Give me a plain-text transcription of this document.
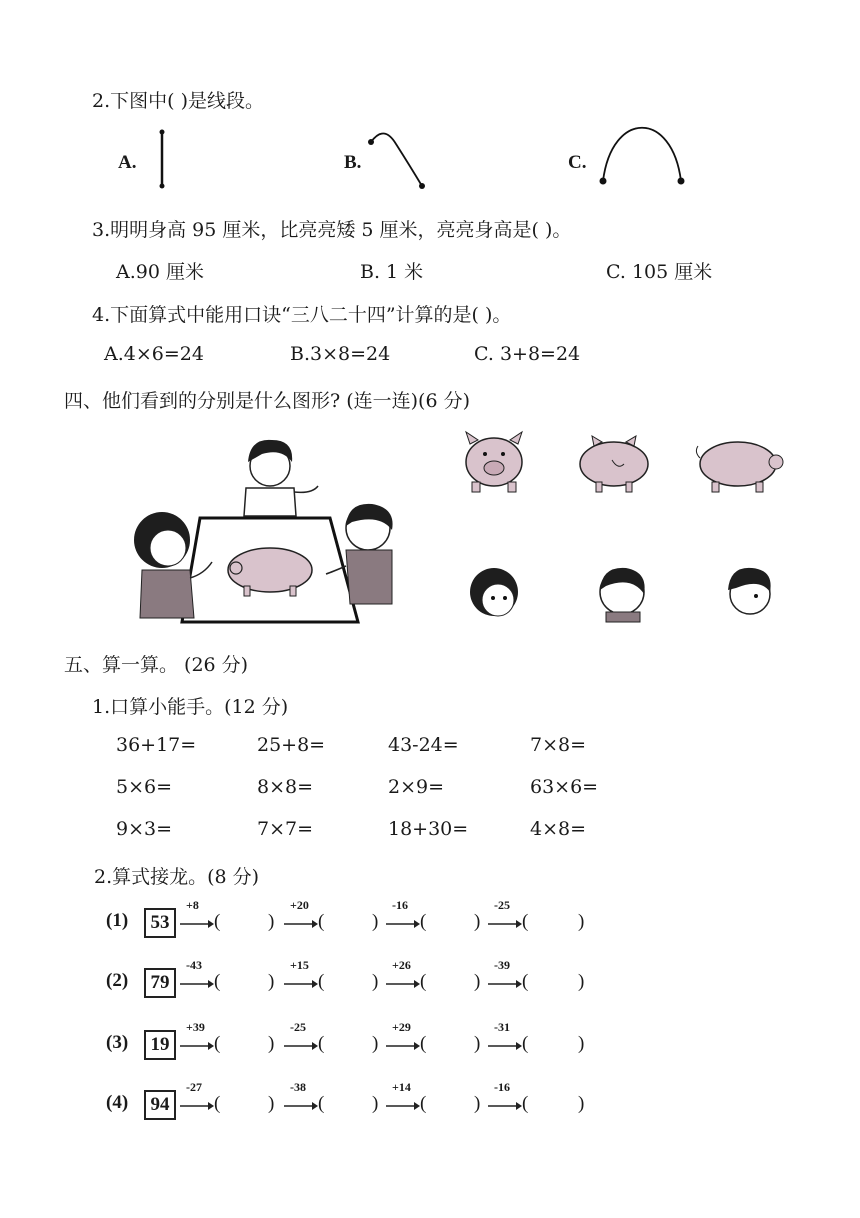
2.下图中( )是线段。
A.	B.	C.
3.明明身高 95 厘米，比亮亮矮 5 厘米，亮亮身高是( )。
A.90 厘米	B. 1 米	C. 105 厘米
4.下面算式中能用口诀“三八二十四”计算的是( )。
A.4×6=24	B.3×8=24	C. 3+8=24
四、他们看到的分别是什么图形? (连一连)(6 分)
五、算一算。 (26 分)
1.口算小能手。(12 分)
36+17=	25+8=	43-24=	7×8=
5×6=	8×8=	2×9=	63×6=
9×3=	7×7=	18+30=	4×8=
2.算式接龙。(8 分)
(1)	53
+8
(	)
+20
(	)
-16
(	)
-25
(	)
(2)	79
-43
(	)
+15
(	)
+26
(	)
-39
(	)
(3)	19
+39
(	)
-25
(	)
+29
(	)
-31
(	)
(4)	94
-27
(	)
-38
(	)
+14
(	)
-16
(	)
